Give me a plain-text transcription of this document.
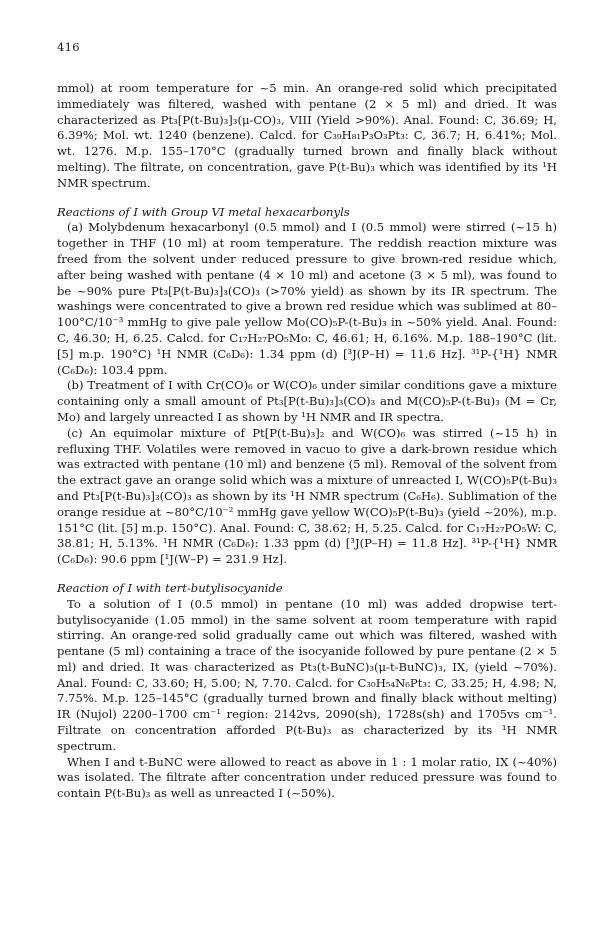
416

mmol) at room temperature for ~5 min. An orange-red solid which precipitated immediately was filtered, washed with pentane (2 × 5 ml) and dried. It was characterized as Pt₃[P(t-Bu)₃]₃(μ-CO)₃, VIII (Yield >90%). Anal. Found: C, 36.69; H, 6.39%; Mol. wt. 1240 (benzene). Calcd. for C₃₉H₈₁P₃O₃Pt₃: C, 36.7; H, 6.41%; Mol. wt. 1276. M.p. 155–170°C (gradually turned brown and finally black without melting). The filtrate, on concentration, gave P(t-Bu)₃ which was identified by its ¹H NMR spectrum.

Reactions of I with Group VI metal hexacarbonyls

(a) Molybdenum hexacarbonyl (0.5 mmol) and I (0.5 mmol) were stirred (~15 h) together in THF (10 ml) at room temperature. The reddish reaction mixture was freed from the solvent under reduced pressure to give brown-red residue which, after being washed with pentane (4 × 10 ml) and acetone (3 × 5 ml), was found to be ~90% pure Pt₃[P(t-Bu)₃]₃(CO)₃ (>70% yield) as shown by its IR spectrum. The washings were concentrated to give a brown red residue which was sublimed at 80–100°C/10⁻³ mmHg to give pale yellow Mo(CO)₅P-(t-Bu)₃ in ~50% yield. Anal. Found: C, 46.30; H, 6.25. Calcd. for C₁₇H₂₇PO₅Mo: C, 46.61; H, 6.16%. M.p. 188–190°C (lit. [5] m.p. 190°C) ¹H NMR (C₆D₆): 1.34 ppm (d) [³J(P–H) = 11.6 Hz]. ³¹P-{¹H} NMR (C₆D₆): 103.4 ppm.

(b) Treatment of I with Cr(CO)₆ or W(CO)₆ under similar conditions gave a mixture containing only a small amount of Pt₃[P(t-Bu)₃]₃(CO)₃ and M(CO)₅P-(t-Bu)₃ (M = Cr, Mo) and largely unreacted I as shown by ¹H NMR and IR spectra.

(c) An equimolar mixture of Pt[P(t-Bu)₃]₂ and W(CO)₆ was stirred (~15 h) in refluxing THF. Volatiles were removed in vacuo to give a dark-brown residue which was extracted with pentane (10 ml) and benzene (5 ml). Removal of the solvent from the extract gave an orange solid which was a mixture of unreacted I, W(CO)₅P(t-Bu)₃ and Pt₃[P(t-Bu)₃]₃(CO)₃ as shown by its ¹H NMR spectrum (C₆H₆). Sublimation of the orange residue at ~80°C/10⁻² mmHg gave yellow W(CO)₅P(t-Bu)₃ (yield ~20%), m.p. 151°C (lit. [5] m.p. 150°C). Anal. Found: C, 38.62; H, 5.25. Calcd. for C₁₇H₂₇PO₅W: C, 38.81; H, 5.13%. ¹H NMR (C₆D₆): 1.33 ppm (d) [³J(P–H) = 11.8 Hz]. ³¹P-{¹H} NMR (C₆D₆): 90.6 ppm [¹J(W–P) = 231.9 Hz].

Reaction of I with tert-butylisocyanide

To a solution of I (0.5 mmol) in pentane (10 ml) was added dropwise tert-butylisocyanide (1.05 mmol) in the same solvent at room temperature with rapid stirring. An orange-red solid gradually came out which was filtered, washed with pentane (5 ml) containing a trace of the isocyanide followed by pure pentane (2 × 5 ml) and dried. It was characterized as Pt₃(t-BuNC)₃(μ-t-BuNC)₃, IX, (yield ~70%). Anal. Found: C, 33.60; H, 5.00; N, 7.70. Calcd. for C₃₀H₅₄N₆Pt₃: C, 33.25; H, 4.98; N, 7.75%. M.p. 125–145°C (gradually turned brown and finally black without melting) IR (Nujol) 2200–1700 cm⁻¹ region: 2142vs, 2090(sh), 1728s(sh) and 1705vs cm⁻¹. Filtrate on concentration afforded P(t-Bu)₃ as characterized by its ¹H NMR spectrum.

When I and t-BuNC were allowed to react as above in 1 : 1 molar ratio, IX (~40%) was isolated. The filtrate after concentration under reduced pressure was found to contain P(t-Bu)₃ as well as unreacted I (~50%).
